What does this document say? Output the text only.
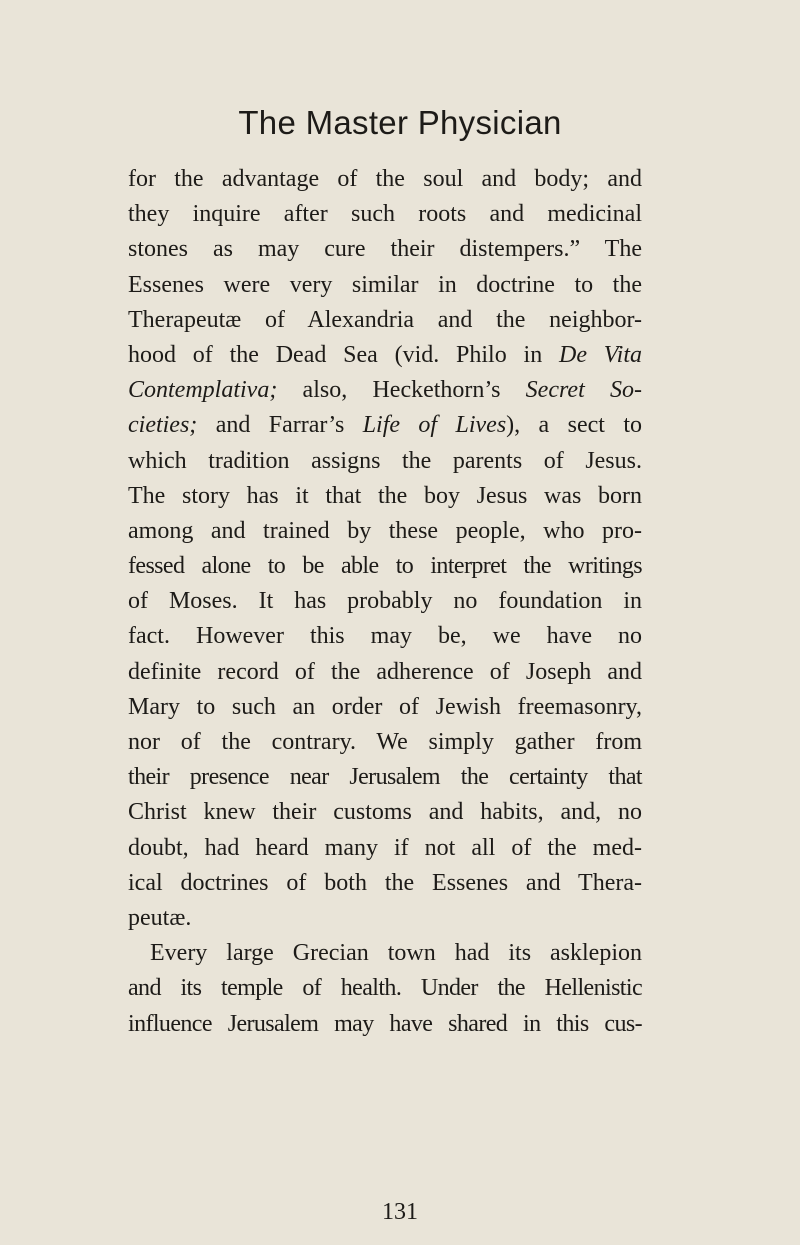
The Master Physician
for the advantage of the soul and body; and
they inquire after such roots and medicinal
stones as may cure their distempers.” The
Essenes were very similar in doctrine to the
Therapeutæ of Alexandria and the neighbor-
hood of the Dead Sea (vid. Philo in De Vita
Contemplativa; also, Heckethorn’s Secret So-
cieties; and Farrar’s Life of Lives), a sect to
which tradition assigns the parents of Jesus.
The story has it that the boy Jesus was born
among and trained by these people, who pro-
fessed alone to be able to interpret the writings
of Moses. It has probably no foundation in
fact. However this may be, we have no
definite record of the adherence of Joseph and
Mary to such an order of Jewish freemasonry,
nor of the contrary. We simply gather from
their presence near Jerusalem the certainty that
Christ knew their customs and habits, and, no
doubt, had heard many if not all of the med-
ical doctrines of both the Essenes and Thera-
peutæ.
Every large Grecian town had its asklepion
and its temple of health. Under the Hellenistic
influence Jerusalem may have shared in this cus-
131
